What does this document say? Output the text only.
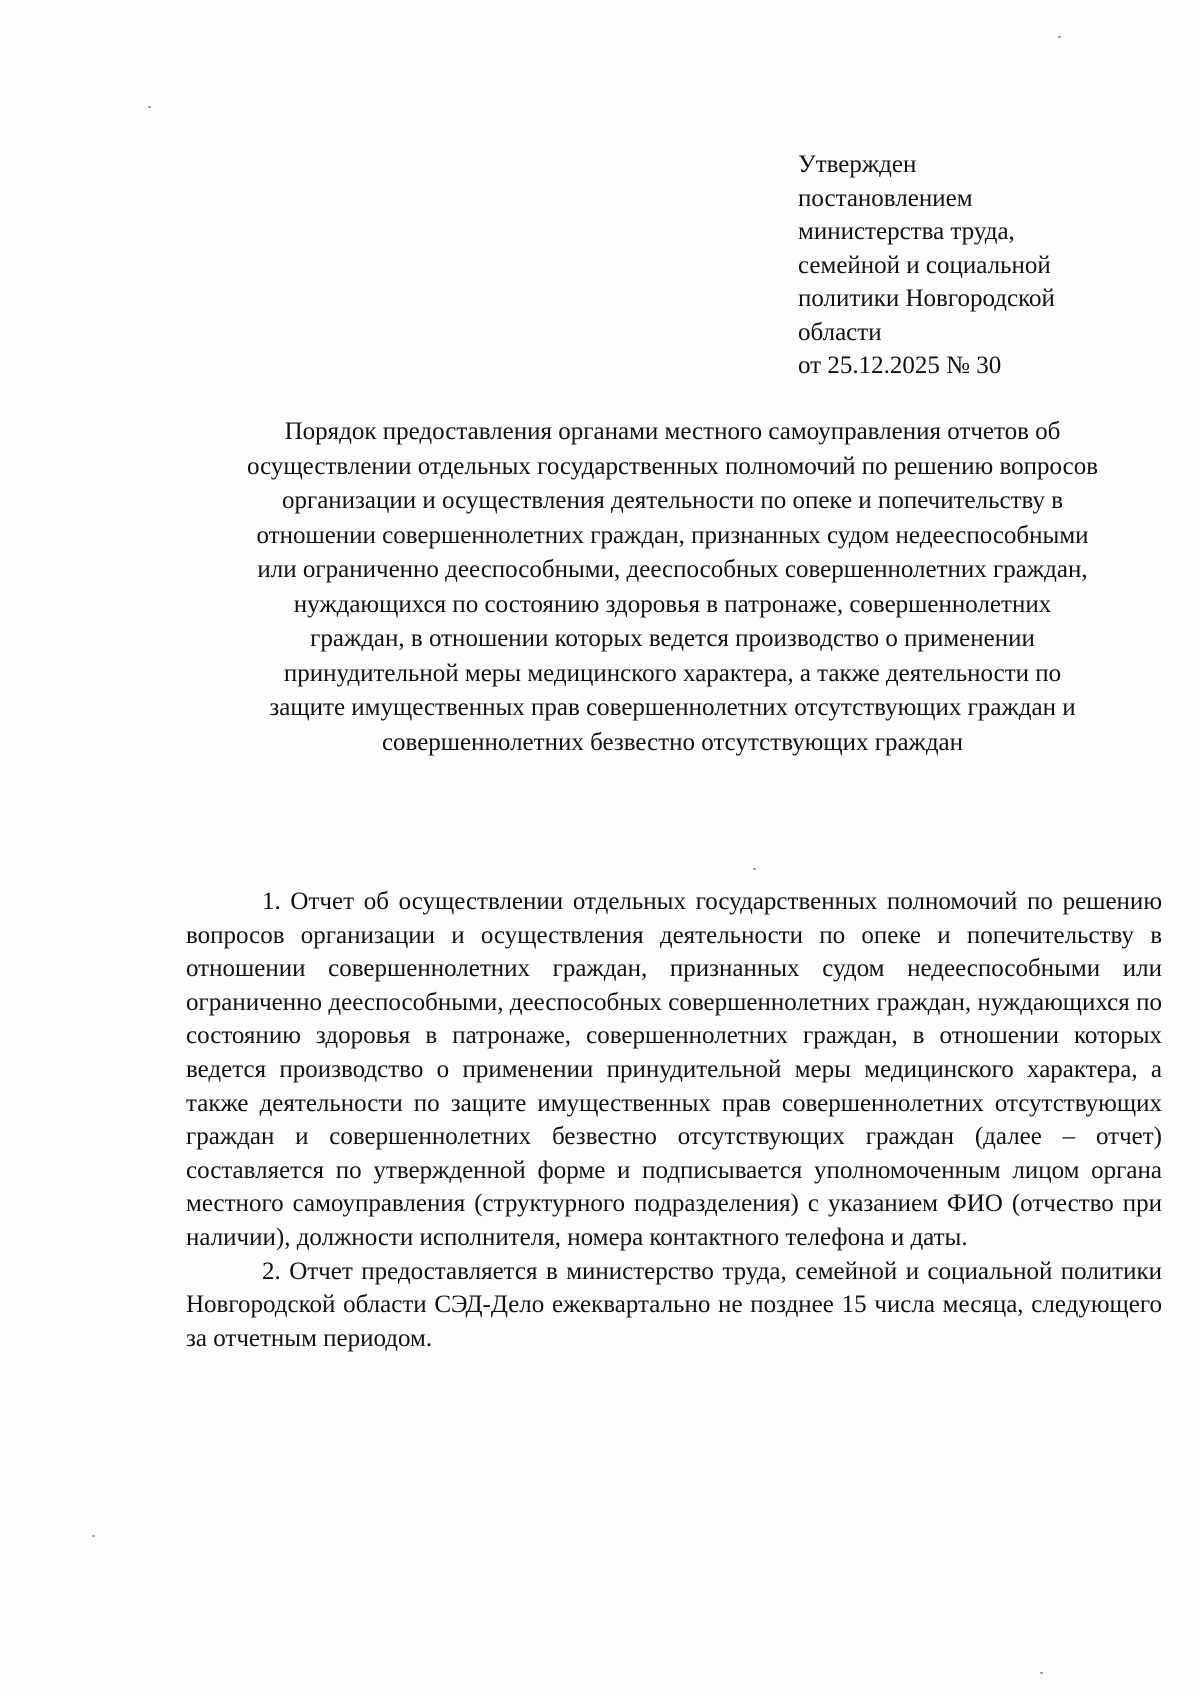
Утвержден
постановлением
министерства труда,
семейной и социальной
политики Новгородской
области
от 25.12.2025 № 30
Порядок предоставления органами местного самоуправления отчетов об
осуществлении отдельных государственных полномочий по решению вопросов
организации и осуществления деятельности по опеке и попечительству в
отношении совершеннолетних граждан, признанных судом недееспособными
или ограниченно дееспособными, дееспособных совершеннолетних граждан,
нуждающихся по состоянию здоровья в патронаже, совершеннолетних
граждан, в отношении которых ведется производство о применении
принудительной меры медицинского характера, а также деятельности по
защите имущественных прав совершеннолетних отсутствующих граждан и
совершеннолетних безвестно отсутствующих граждан

1. Отчет об осуществлении отдельных государственных полномочий по решению вопросов организации и осуществления деятельности по опеке и попечительству в отношении совершеннолетних граждан, признанных судом недееспособными или ограниченно дееспособными, дееспособных совершеннолетних граждан, нуждающихся по состоянию здоровья в патронаже, совершеннолетних граждан, в отношении которых ведется производство о применении принудительной меры медицинского характера, а также деятельности по защите имущественных прав совершеннолетних отсутствующих граждан и совершеннолетних безвестно отсутствующих граждан (далее – отчет) составляется по утвержденной форме и подписывается уполномоченным лицом органа местного самоуправления (структурного подразделения) с указанием ФИО (отчество при наличии), должности исполнителя, номера контактного телефона и даты.

2. Отчет предоставляется в министерство труда, семейной и социальной политики Новгородской области СЭД-Дело ежеквартально не позднее 15 числа месяца, следующего за отчетным периодом.
